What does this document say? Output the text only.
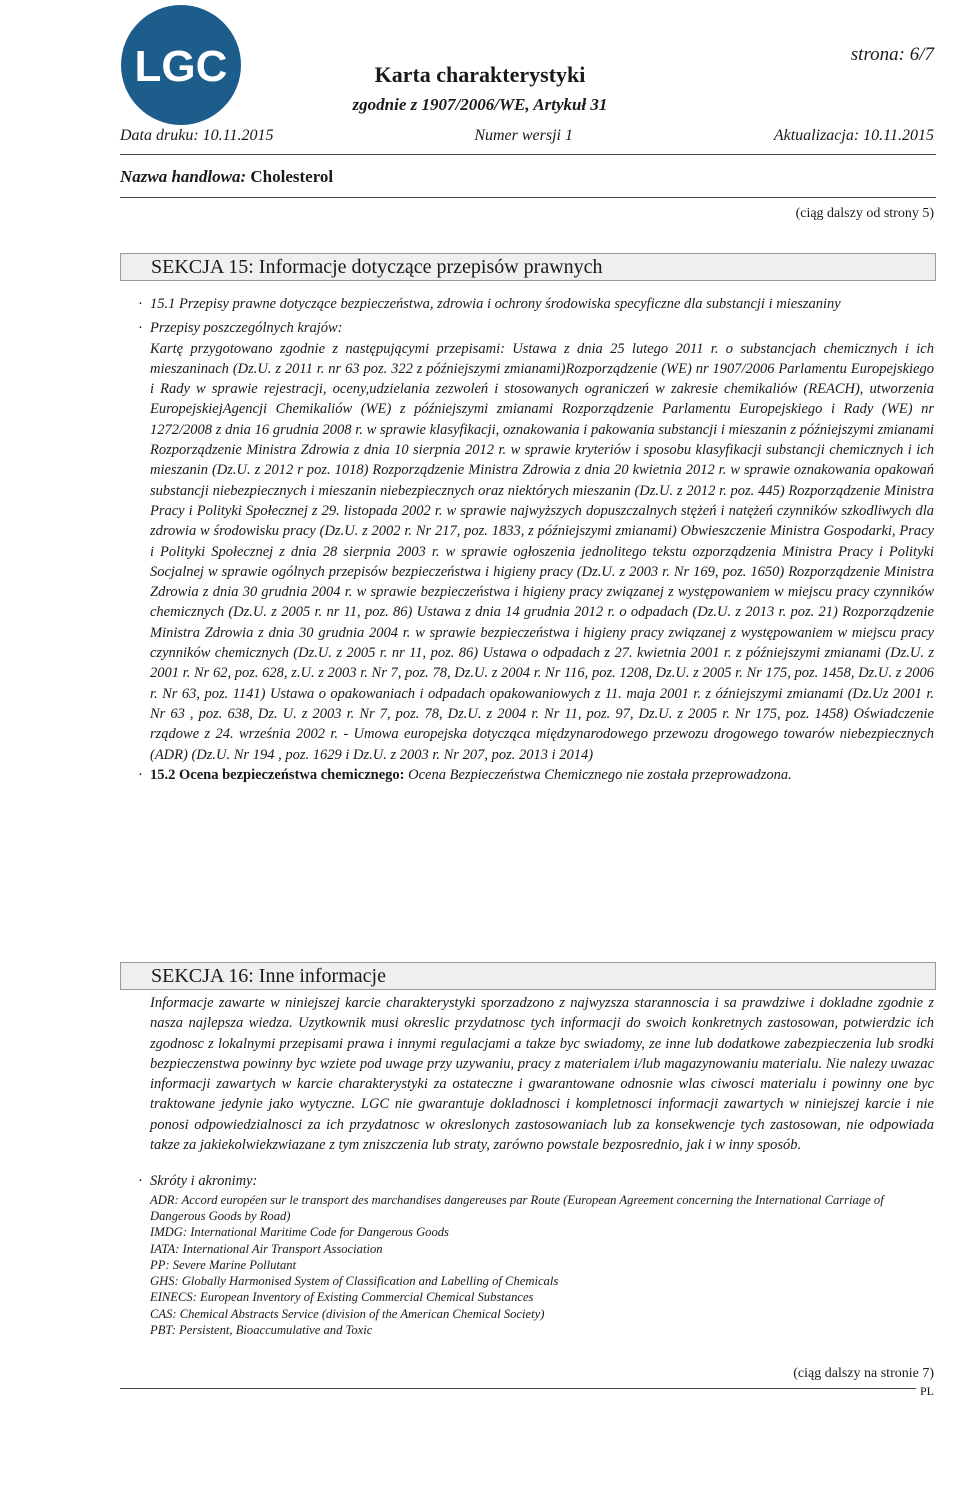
LGC	strona: 6/7
Karta charakterystyki
zgodnie z 1907/2006/WE, Artykuł 31
Data druku: 10.11.2015	Numer wersji 1	Aktualizacja: 10.11.2015
Nazwa handlowa: Cholesterol
(ciąg dalszy od strony 5)
SEKCJA 15: Informacje dotyczące przepisów prawnych
· 15.1 Przepisy prawne dotyczące bezpieczeństwa, zdrowia i ochrony środowiska specyficzne dla substancji i mieszaniny
· Przepisy poszczególnych krajów:
Kartę przygotowano zgodnie z następującymi przepisami: Ustawa z dnia 25 lutego 2011 r. o substancjach chemicznych i ich mieszaninach (Dz.U. z 2011 r. nr 63 poz. 322 z późniejszymi zmianami)Rozporządzenie (WE) nr 1907/2006 Parlamentu Europejskiego i Rady w sprawie rejestracji, oceny,udzielania zezwoleń i stosowanych ograniczeń w zakresie chemikaliów (REACH), utworzenia EuropejskiejAgencji Chemikaliów (WE) z późniejszymi zmianami Rozporządzenie Parlamentu Europejskiego i Rady (WE) nr 1272/2008 z dnia 16 grudnia 2008 r. w sprawie klasyfikacji, oznakowania i pakowania substancji i mieszanin z późniejszymi zmianami Rozporządzenie Ministra Zdrowia z dnia 10 sierpnia 2012 r. w sprawie kryteriów i sposobu klasyfikacji substancji chemicznych i ich mieszanin (Dz.U. z 2012 r poz. 1018) Rozporządzenie Ministra Zdrowia z dnia 20 kwietnia 2012 r. w sprawie oznakowania opakowań substancji niebezpiecznych i mieszanin niebezpiecznych oraz niektórych mieszanin (Dz.U. z 2012 r. poz. 445) Rozporządzenie Ministra Pracy i Polityki Społecznej z 29. listopada 2002 r. w sprawie najwyższych dopuszczalnych stężeń i natężeń czynników szkodliwych dla zdrowia w środowisku pracy (Dz.U. z 2002 r. Nr 217, poz. 1833, z późniejszymi zmianami) Obwieszczenie Ministra Gospodarki, Pracy i Polityki Społecznej z dnia 28 sierpnia 2003 r. w sprawie ogłoszenia jednolitego tekstu ozporządzenia Ministra Pracy i Polityki Socjalnej w sprawie ogólnych przepisów bezpieczeństwa i higieny pracy (Dz.U. z 2003 r. Nr 169, poz. 1650) Rozporządzenie Ministra Zdrowia z dnia 30 grudnia 2004 r. w sprawie bezpieczeństwa i higieny pracy związanej z występowaniem w miejscu pracy czynników chemicznych (Dz.U. z 2005 r. nr 11, poz. 86) Ustawa z dnia 14 grudnia 2012 r. o odpadach (Dz.U. z 2013 r. poz. 21) Rozporządzenie Ministra Zdrowia z dnia 30 grudnia 2004 r. w sprawie bezpieczeństwa i higieny pracy związanej z występowaniem w miejscu pracy czynników chemicznych (Dz.U. z 2005 r. nr 11, poz. 86) Ustawa o odpadach z 27. kwietnia 2001 r. z późniejszymi zmianami (Dz.U. z 2001 r. Nr 62, poz. 628, z.U. z 2003 r. Nr 7, poz. 78, Dz.U. z 2004 r. Nr 116, poz. 1208, Dz.U. z 2005 r. Nr 175, poz. 1458, Dz.U. z 2006 r. Nr 63, poz. 1141) Ustawa o opakowaniach i odpadach opakowaniowych z 11. maja 2001 r. z óźniejszymi zmianami (Dz.Uz 2001 r. Nr 63 , poz. 638, Dz. U. z 2003 r. Nr 7, poz. 78, Dz.U. z 2004 r. Nr 11, poz. 97, Dz.U. z 2005 r. Nr 175, poz. 1458) Oświadczenie rządowe z 24. września 2002 r. - Umowa europejska dotycząca międzynarodowego przewozu drogowego towarów niebezpiecznych (ADR) (Dz.U. Nr 194 , poz. 1629 i Dz.U. z 2003 r. Nr 207, poz. 2013 i 2014)
· 15.2 Ocena bezpieczeństwa chemicznego: Ocena Bezpieczeństwa Chemicznego nie została przeprowadzona.
SEKCJA 16: Inne informacje
Informacje zawarte w niniejszej karcie charakterystyki sporzadzono z najwyzsza starannoscia i sa prawdziwe i dokladne zgodnie z nasza najlepsza wiedza. Uzytkownik musi okreslic przydatnosc tych informacji do swoich konkretnych zastosowan, potwierdzic ich zgodnosc z lokalnymi przepisami prawa i innymi regulacjami a takze byc swiadomy, ze inne lub dodatkowe zabezpieczenia lub srodki bezpieczenstwa powinny byc wziete pod uwage przy uzywaniu, pracy z materialem i/lub magazynowaniu materialu. Nie nalezy uwazac informacji zawartych w karcie charakterystyki za ostateczne i gwarantowane odnosnie wlas ciwosci materialu i powinny one byc traktowane jedynie jako wytyczne. LGC nie gwarantuje dokladnosci i kompletnosci informacji zawartych w niniejszej karcie i nie ponosi odpowiedzialnosci za ich przydatnosc w okreslonych zastosowaniach lub za konsekwencje tych zastosowan, nie odpowiada takze za jakiekolwiekzwiazane z tym zniszczenia lub straty, zarówno powstale bezposrednio, jak i w inny sposób.
· Skróty i akronimy:
ADR: Accord européen sur le transport des marchandises dangereuses par Route (European Agreement concerning the International Carriage of Dangerous Goods by Road)
IMDG: International Maritime Code for Dangerous Goods
IATA: International Air Transport Association
PP: Severe Marine Pollutant
GHS: Globally Harmonised System of Classification and Labelling of Chemicals
EINECS: European Inventory of Existing Commercial Chemical Substances
CAS: Chemical Abstracts Service (division of the American Chemical Society)
PBT: Persistent, Bioaccumulative and Toxic
(ciąg dalszy na stronie 7)
PL
